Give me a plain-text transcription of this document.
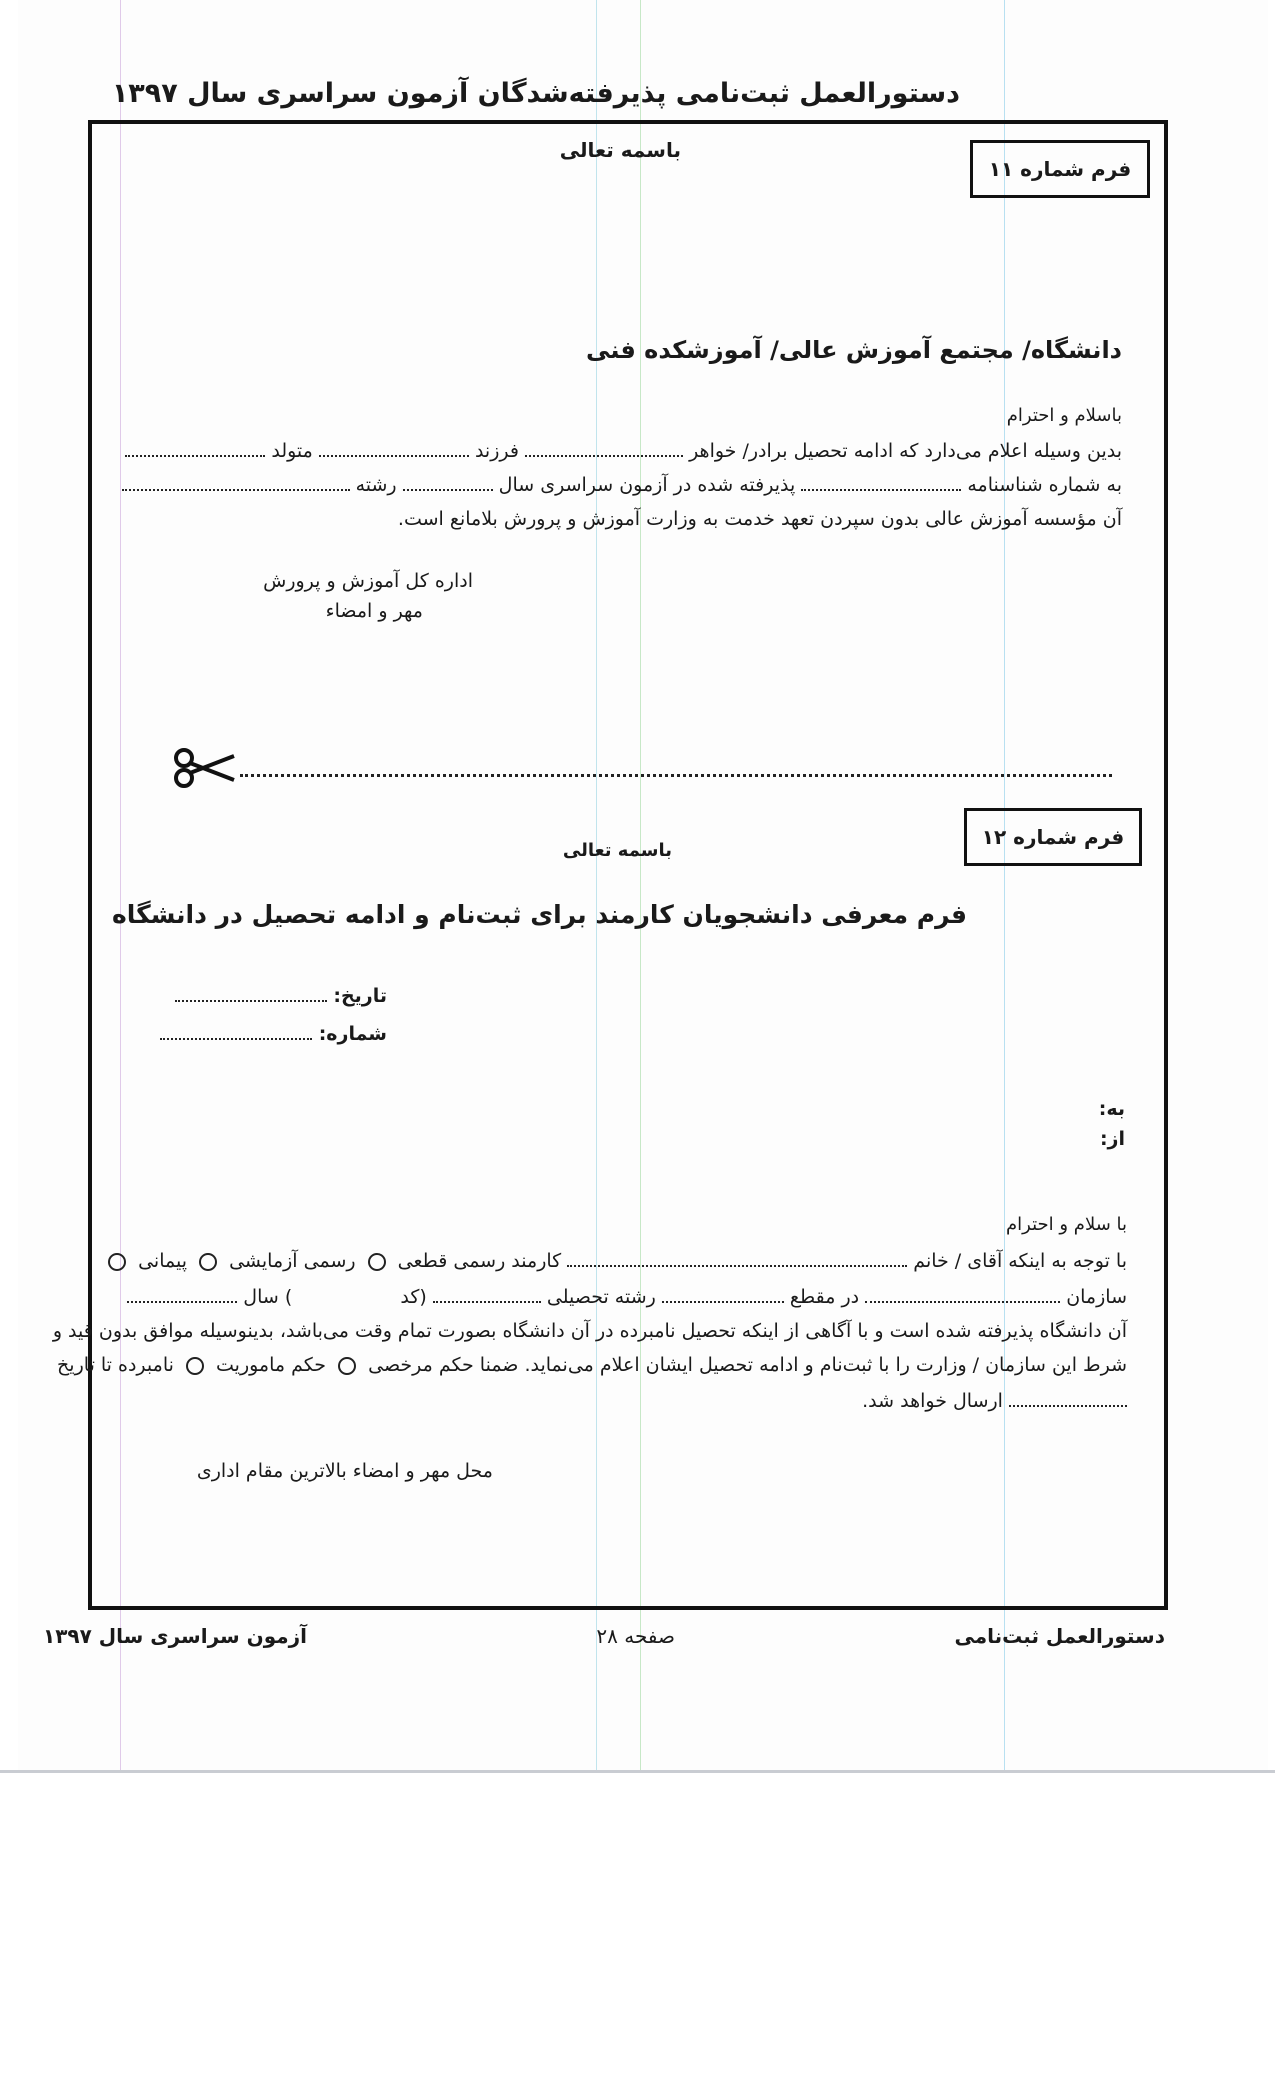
دستورالعمل ثبت‌نامی پذیرفته‌شدگان آزمون سراسری سال ۱۳۹۷
باسمه تعالی
فرم شماره ۱۱
دانشگاه/ مجتمع آموزش عالی/ آموزشکده فنی
باسلام و احترام
بدین وسیله اعلام می‌دارد که ادامه تحصیل برادر/ خواهر  فرزند  متولد
به شماره شناسنامه  پذیرفته شده در آزمون سراسری سال  رشته
آن مؤسسه آموزش عالی بدون سپردن تعهد خدمت به وزارت آموزش و پرورش بلامانع است.
اداره کل آموزش و پرورش
مهر و امضاء
فرم شماره ۱۲
باسمه تعالی
فرم معرفی دانشجویان کارمند برای ثبت‌نام و ادامه تحصیل در دانشگاه
تاریخ:
شماره:
به:
از:
با سلام و احترام
با توجه به اینکه آقای / خانم  کارمند رسمی قطعی  رسمی آزمایشی  پیمانی
سازمان  در مقطع  رشته تحصیلی  (کد  ) سال
آن دانشگاه پذیرفته شده است و با آگاهی از اینکه تحصیل نامبرده در آن دانشگاه بصورت تمام وقت می‌باشد، بدینوسیله موافق بدون قید و
شرط این سازمان / وزارت را با ثبت‌نام و ادامه تحصیل ایشان اعلام می‌نماید. ضمنا حکم مرخصی  حکم ماموریت  نامبرده تا تاریخ
ارسال خواهد شد.
محل مهر و امضاء بالاترین مقام اداری
دستورالعمل ثبت‌نامی
صفحه ۲۸
آزمون سراسری سال ۱۳۹۷
